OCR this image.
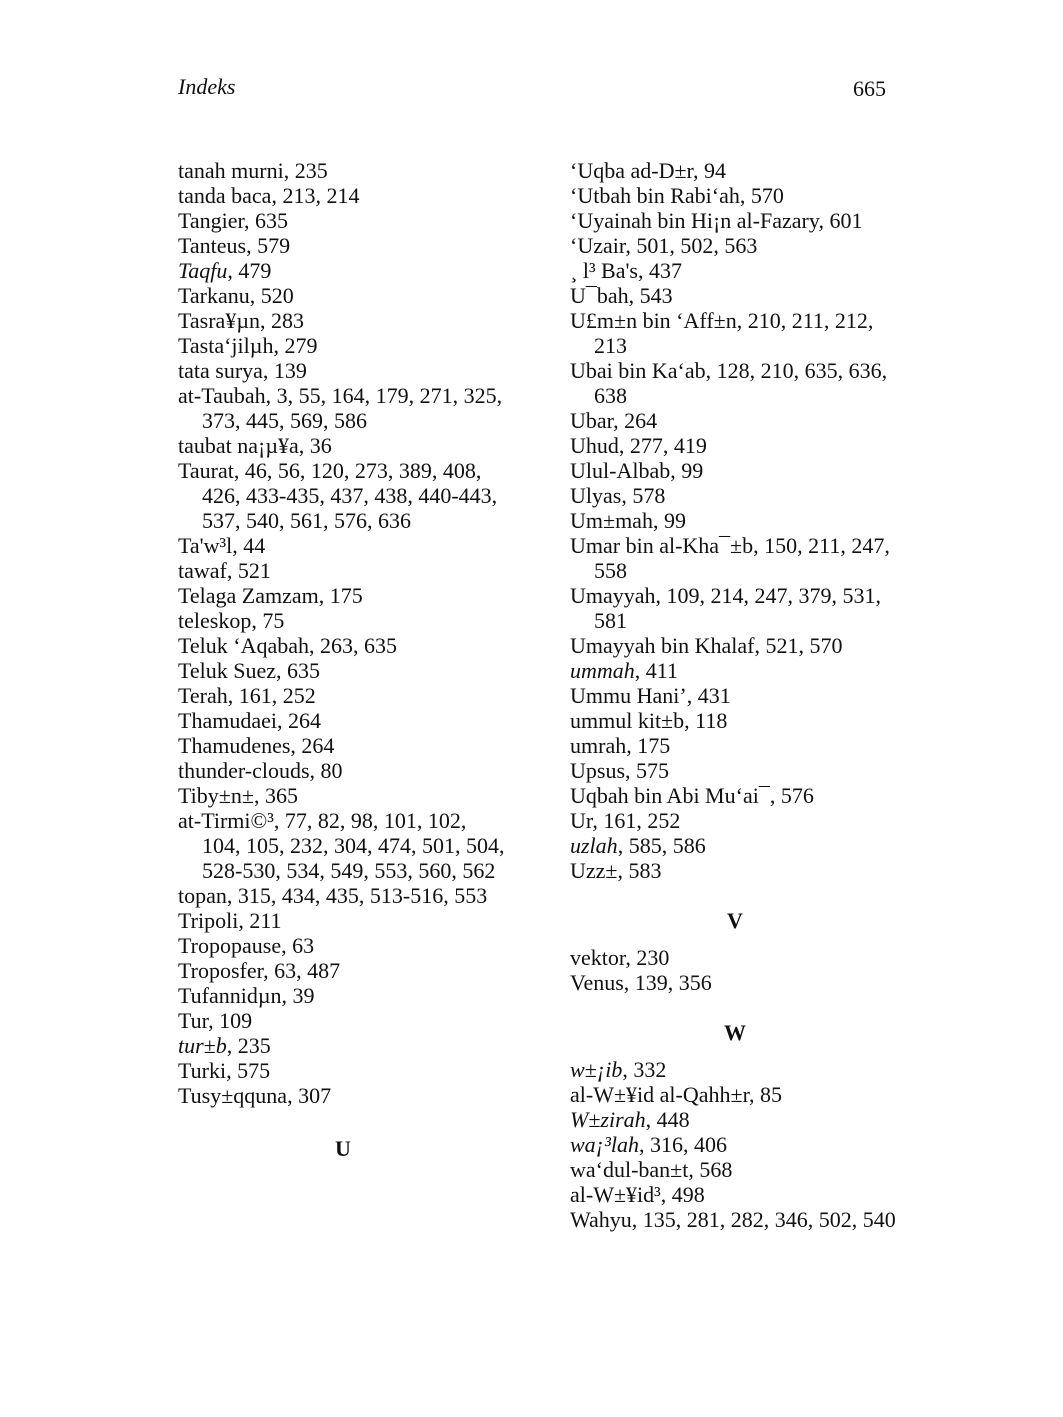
Indeks	665

tanah murni, 235

tanda baca, 213, 214

Tangier, 635

Tanteus, 579

Taqfu, 479

Tarkanu, 520

Tasra¥µn, 283

Tasta‘jilµh, 279

tata surya, 139

at-Taubah, 3, 55, 164, 179, 271, 325, 373, 445, 569, 586

taubat na¡µ¥a, 36

Taurat, 46, 56, 120, 273, 389, 408, 426, 433-435, 437, 438, 440-443, 537, 540, 561, 576, 636

Ta'w³l, 44

tawaf, 521

Telaga Zamzam, 175

teleskop, 75

Teluk ‘Aqabah, 263, 635

Teluk Suez, 635

Terah, 161, 252

Thamudaei, 264

Thamudenes, 264

thunder-clouds, 80

Tiby±n±, 365

at-Tirmi©³, 77, 82, 98, 101, 102, 104, 105, 232, 304, 474, 501, 504, 528-530, 534, 549, 553, 560, 562

topan, 315, 434, 435, 513-516, 553

Tripoli, 211

Tropopause, 63

Troposfer, 63, 487

Tufannidµn, 39

Tur, 109

tur±b, 235

Turki, 575

Tusy±qquna, 307

U

‘Uqba ad-D±r, 94

‘Utbah bin Rabi‘ah, 570

‘Uyainah bin Hi¡n al-Fazary, 601

‘Uzair, 501, 502, 563

¸ l³ Ba's, 437

U¯bah, 543

U£m±n bin ‘Aff±n, 210, 211, 212, 213

Ubai bin Ka‘ab, 128, 210, 635, 636, 638

Ubar, 264

Uhud, 277, 419

Ulul-Albab, 99

Ulyas, 578

Um±mah, 99

Umar bin al-Kha¯±b, 150, 211, 247, 558

Umayyah, 109, 214, 247, 379, 531, 581

Umayyah bin Khalaf, 521, 570

ummah, 411

Ummu Hani’, 431

ummul kit±b, 118

umrah, 175

Upsus, 575

Uqbah bin Abi Mu‘ai¯, 576

Ur, 161, 252

uzlah, 585, 586

Uzz±, 583

V

vektor, 230

Venus, 139, 356

W

w±¡ib, 332

al-W±¥id al-Qahh±r, 85

W±zirah, 448

wa¡³lah, 316, 406

wa‘dul-ban±t, 568

al-W±¥id³, 498

Wahyu, 135, 281, 282, 346, 502, 540
